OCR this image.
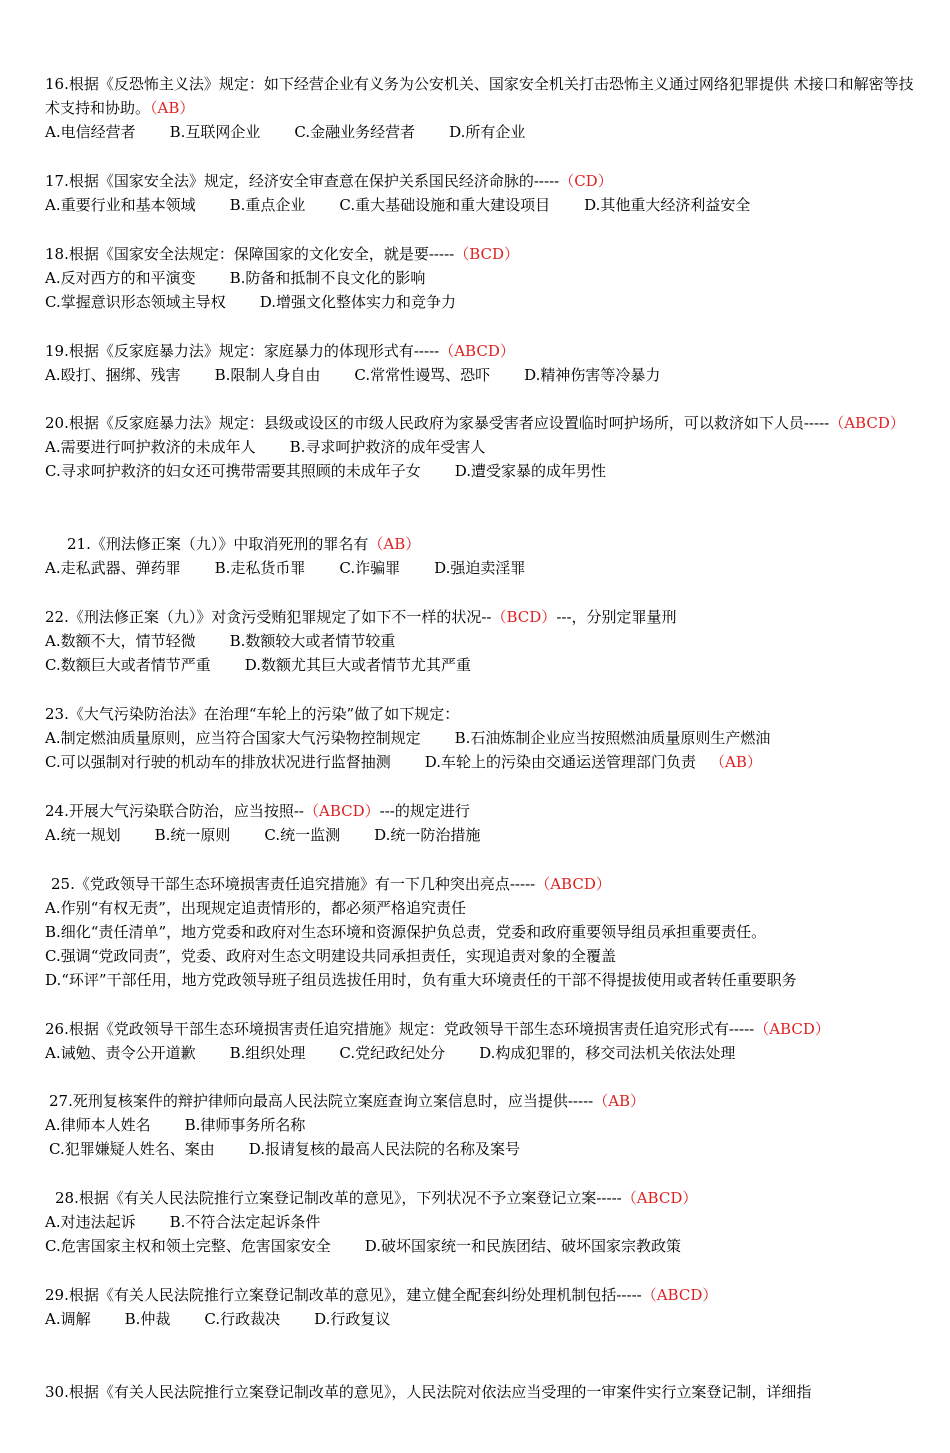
16.根据《反恐怖主义法》规定：如下经营企业有义务为公安机关、国家安全机关打击恐怖主义通过网络犯罪提供 术接口和解密等技术支持和协助。（AB）
A.电信经营者 B.互联网企业 C.金融业务经营者 D.所有企业
17.根据《国家安全法》规定，经济安全审查意在保护关系国民经济命脉的-----（CD）
A.重要行业和基本领域 B.重点企业 C.重大基础设施和重大建设项目 D.其他重大经济利益安全
18.根据《国家安全法规定：保障国家的文化安全，就是要-----（BCD）
A.反对西方的和平演变 B.防备和抵制不良文化的影响
C.掌握意识形态领域主导权 D.增强文化整体实力和竞争力
19.根据《反家庭暴力法》规定：家庭暴力的体现形式有-----（ABCD）
A.殴打、捆绑、残害 B.限制人身自由 C.常常性谩骂、恐吓 D.精神伤害等冷暴力
20.根据《反家庭暴力法》规定：县级或设区的市级人民政府为家暴受害者应设置临时呵护场所，可以救济如下人员-----（ABCD）
A.需要进行呵护救济的未成年人 B.寻求呵护救济的成年受害人
C.寻求呵护救济的妇女还可携带需要其照顾的未成年子女 D.遭受家暴的成年男性
21.《刑法修正案（九）》中取消死刑的罪名有（AB）
A.走私武器、弹药罪 B.走私货币罪 C.诈骗罪 D.强迫卖淫罪
22.《刑法修正案（九）》对贪污受贿犯罪规定了如下不一样的状况--（BCD）---，分别定罪量刑
A.数额不大，情节轻微 B.数额较大或者情节较重
C.数额巨大或者情节严重 D.数额尤其巨大或者情节尤其严重
23.《大气污染防治法》在治理“车轮上的污染”做了如下规定：
A.制定燃油质量原则，应当符合国家大气污染物控制规定 B.石油炼制企业应当按照燃油质量原则生产燃油
C.可以强制对行驶的机动车的排放状况进行监督抽测 D.车轮上的污染由交通运送管理部门负责 （AB）
24.开展大气污染联合防治，应当按照--（ABCD）---的规定进行
A.统一规划 B.统一原则 C.统一监测 D.统一防治措施
25.《党政领导干部生态环境损害责任追究措施》有一下几种突出亮点-----（ABCD）
A.作别“有权无责”，出现规定追责情形的，都必须严格追究责任
B.细化“责任清单”，地方党委和政府对生态环境和资源保护负总责，党委和政府重要领导组员承担重要责任。
C.强调“党政同责”，党委、政府对生态文明建设共同承担责任，实现追责对象的全覆盖
D.“环评”干部任用，地方党政领导班子组员选拔任用时，负有重大环境责任的干部不得提拔使用或者转任重要职务
26.根据《党政领导干部生态环境损害责任追究措施》规定：党政领导干部生态环境损害责任追究形式有-----（ABCD）
A.诫勉、责令公开道歉 B.组织处理 C.党纪政纪处分 D.构成犯罪的，移交司法机关依法处理
27.死刑复核案件的辩护律师向最高人民法院立案庭查询立案信息时，应当提供-----（AB）
A.律师本人姓名 B.律师事务所名称
C.犯罪嫌疑人姓名、案由 D.报请复核的最高人民法院的名称及案号
28.根据《有关人民法院推行立案登记制改革的意见》，下列状况不予立案登记立案-----（ABCD）
A.对违法起诉 B.不符合法定起诉条件
C.危害国家主权和领土完整、危害国家安全 D.破坏国家统一和民族团结、破坏国家宗教政策
29.根据《有关人民法院推行立案登记制改革的意见》，建立健全配套纠纷处理机制包括-----（ABCD）
A.调解 B.仲裁 C.行政裁决 D.行政复议
30.根据《有关人民法院推行立案登记制改革的意见》，人民法院对依法应当受理的一审案件实行立案登记制，详细指
